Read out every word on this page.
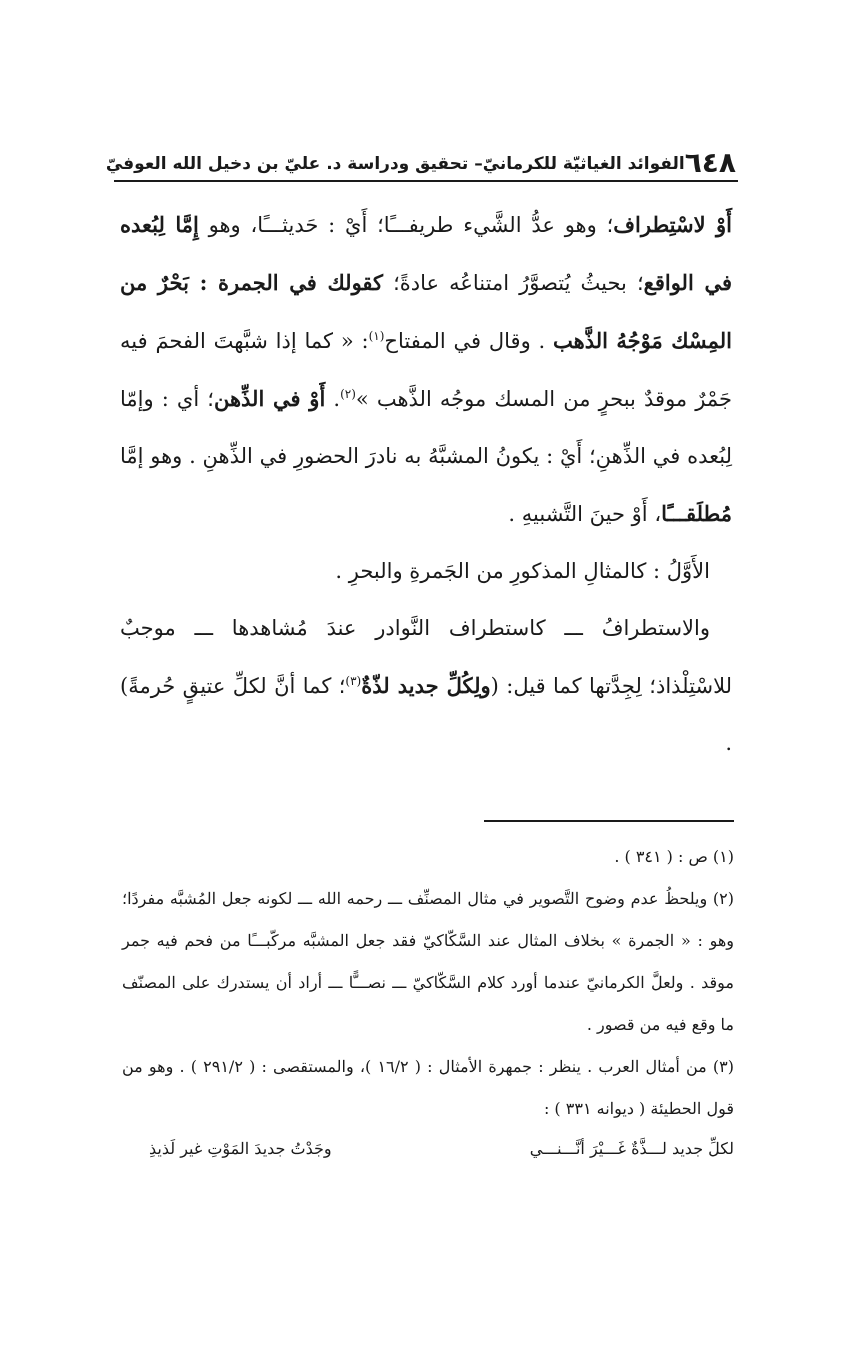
٦٤٨
الفوائد الغياثيّة للكرمانيّ– تحقيق ودراسة د. عليّ بن دخيل الله العوفيّ

أَوْ لاسْتِطراف؛ وهو عدُّ الشَّيء طريفـــًا؛ أَيْ : حَديثـــًا، وهو إِمَّا لِبُعده في الواقع؛ بحيثُ يُتصوَّرُ امتناعُه عادةً؛ كقولك في الجمرة : بَحْرٌ من المِسْك مَوْجُهُ الذَّهب . وقال في المفتاح$^{(١)}$: « كما إذا شبَّهتَ الفحمَ فيه جَمْرٌ موقدٌ ببحرٍ من المسك موجُه الذَّهب »$^{(٢)}$. أَوْ في الذِّهن؛ أي : وإمّا لِبُعده في الذِّهنِ؛ أَيْ : يكونُ المشبَّهُ به نادرَ الحضورِ في الذِّهنِ . وهو إمَّا مُطلَقـــًا، أَوْ حينَ التَّشبيهِ .

الأَوَّلُ : كالمثالِ المذكورِ من الجَمرةِ والبحرِ .

والاستطرافُ ـــ كاستطراف النَّوادر عندَ مُشاهدها ـــ موجبٌ للاسْتِلْذاذ؛ لِجِدَّتها كما قيل: (ولِكُلِّ جديد لذّةٌ$^{(٣)}$؛ كما أنَّ لكلِّ عتيقٍ حُرمةً) .

(١) ص : ( ٣٤١ ) .

(٢) ويلحظُ عدم وضوح التَّصوير في مثال المصنِّف ـــ رحمه الله ـــ لكونه جعل المُشبَّه مفردًا؛ وهو : « الجمرة » بخلاف المثال عند السَّكّاكيّ فقد جعل المشبَّه مركّبـــًا من فحم فيه جمر موقد . ولعلَّ الكرمانيّ عندما أورد كلام السَّكّاكيّ ـــ نصـــًّا ـــ أراد أن يستدرك على المصنّف ما وقع فيه من قصور .

(٣) من أمثال العرب . ينظر : جمهرة الأمثال : ( ١٦/٢ )، والمستقصى : ( ٢٩١/٢ ) . وهو من قول الحطيئة ( ديوانه ٣٣١ ) :

لكلِّ جديد لـــذَّةٌ غَـــيْرَ أنَّـــنـــي
وجَدْتُ جديدَ المَوْتِ غير لَذيذِ
